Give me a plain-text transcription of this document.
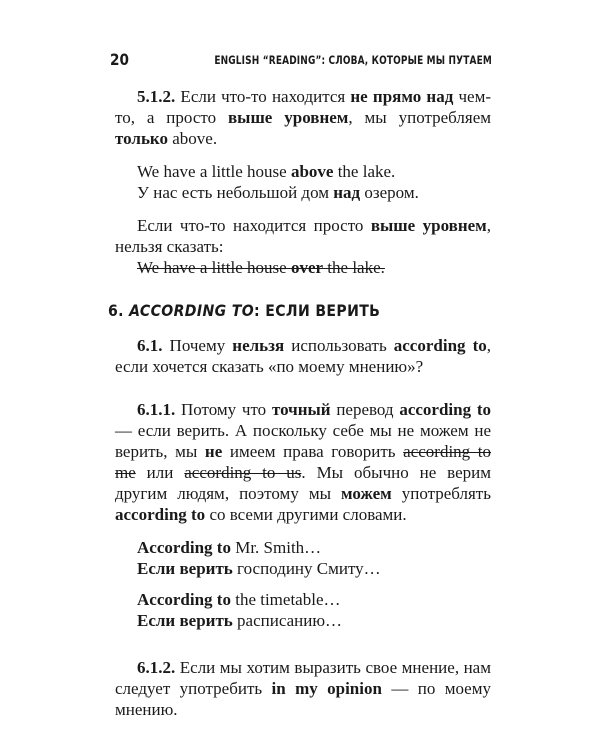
20	ENGLISH “READING”: СЛОВА, КОТОРЫЕ МЫ ПУТАЕМ

5.1.2. Если что-то находится не прямо над чем-то, а просто выше уровнем, мы употребляем только above.

We have a little house above the lake.

У нас есть небольшой дом над озером.

Если что-то находится просто выше уровнем, нельзя сказать:

We have a little house over the lake.

6. ACCORDING TO: ЕСЛИ ВЕРИТЬ

6.1. Почему нельзя использовать according to, если хочется сказать «по моему мнению»?

6.1.1. Потому что точный перевод according to — если верить. А поскольку себе мы не можем не верить, мы не имеем права говорить according to me или according to us. Мы обычно не верим другим людям, поэтому мы можем употреблять according to со всеми другими словами.

According to Mr. Smith…

Если верить господину Смиту…

According to the timetable…

Если верить расписанию…

6.1.2. Если мы хотим выразить свое мнение, нам следует употребить in my opinion — по моему мнению.
